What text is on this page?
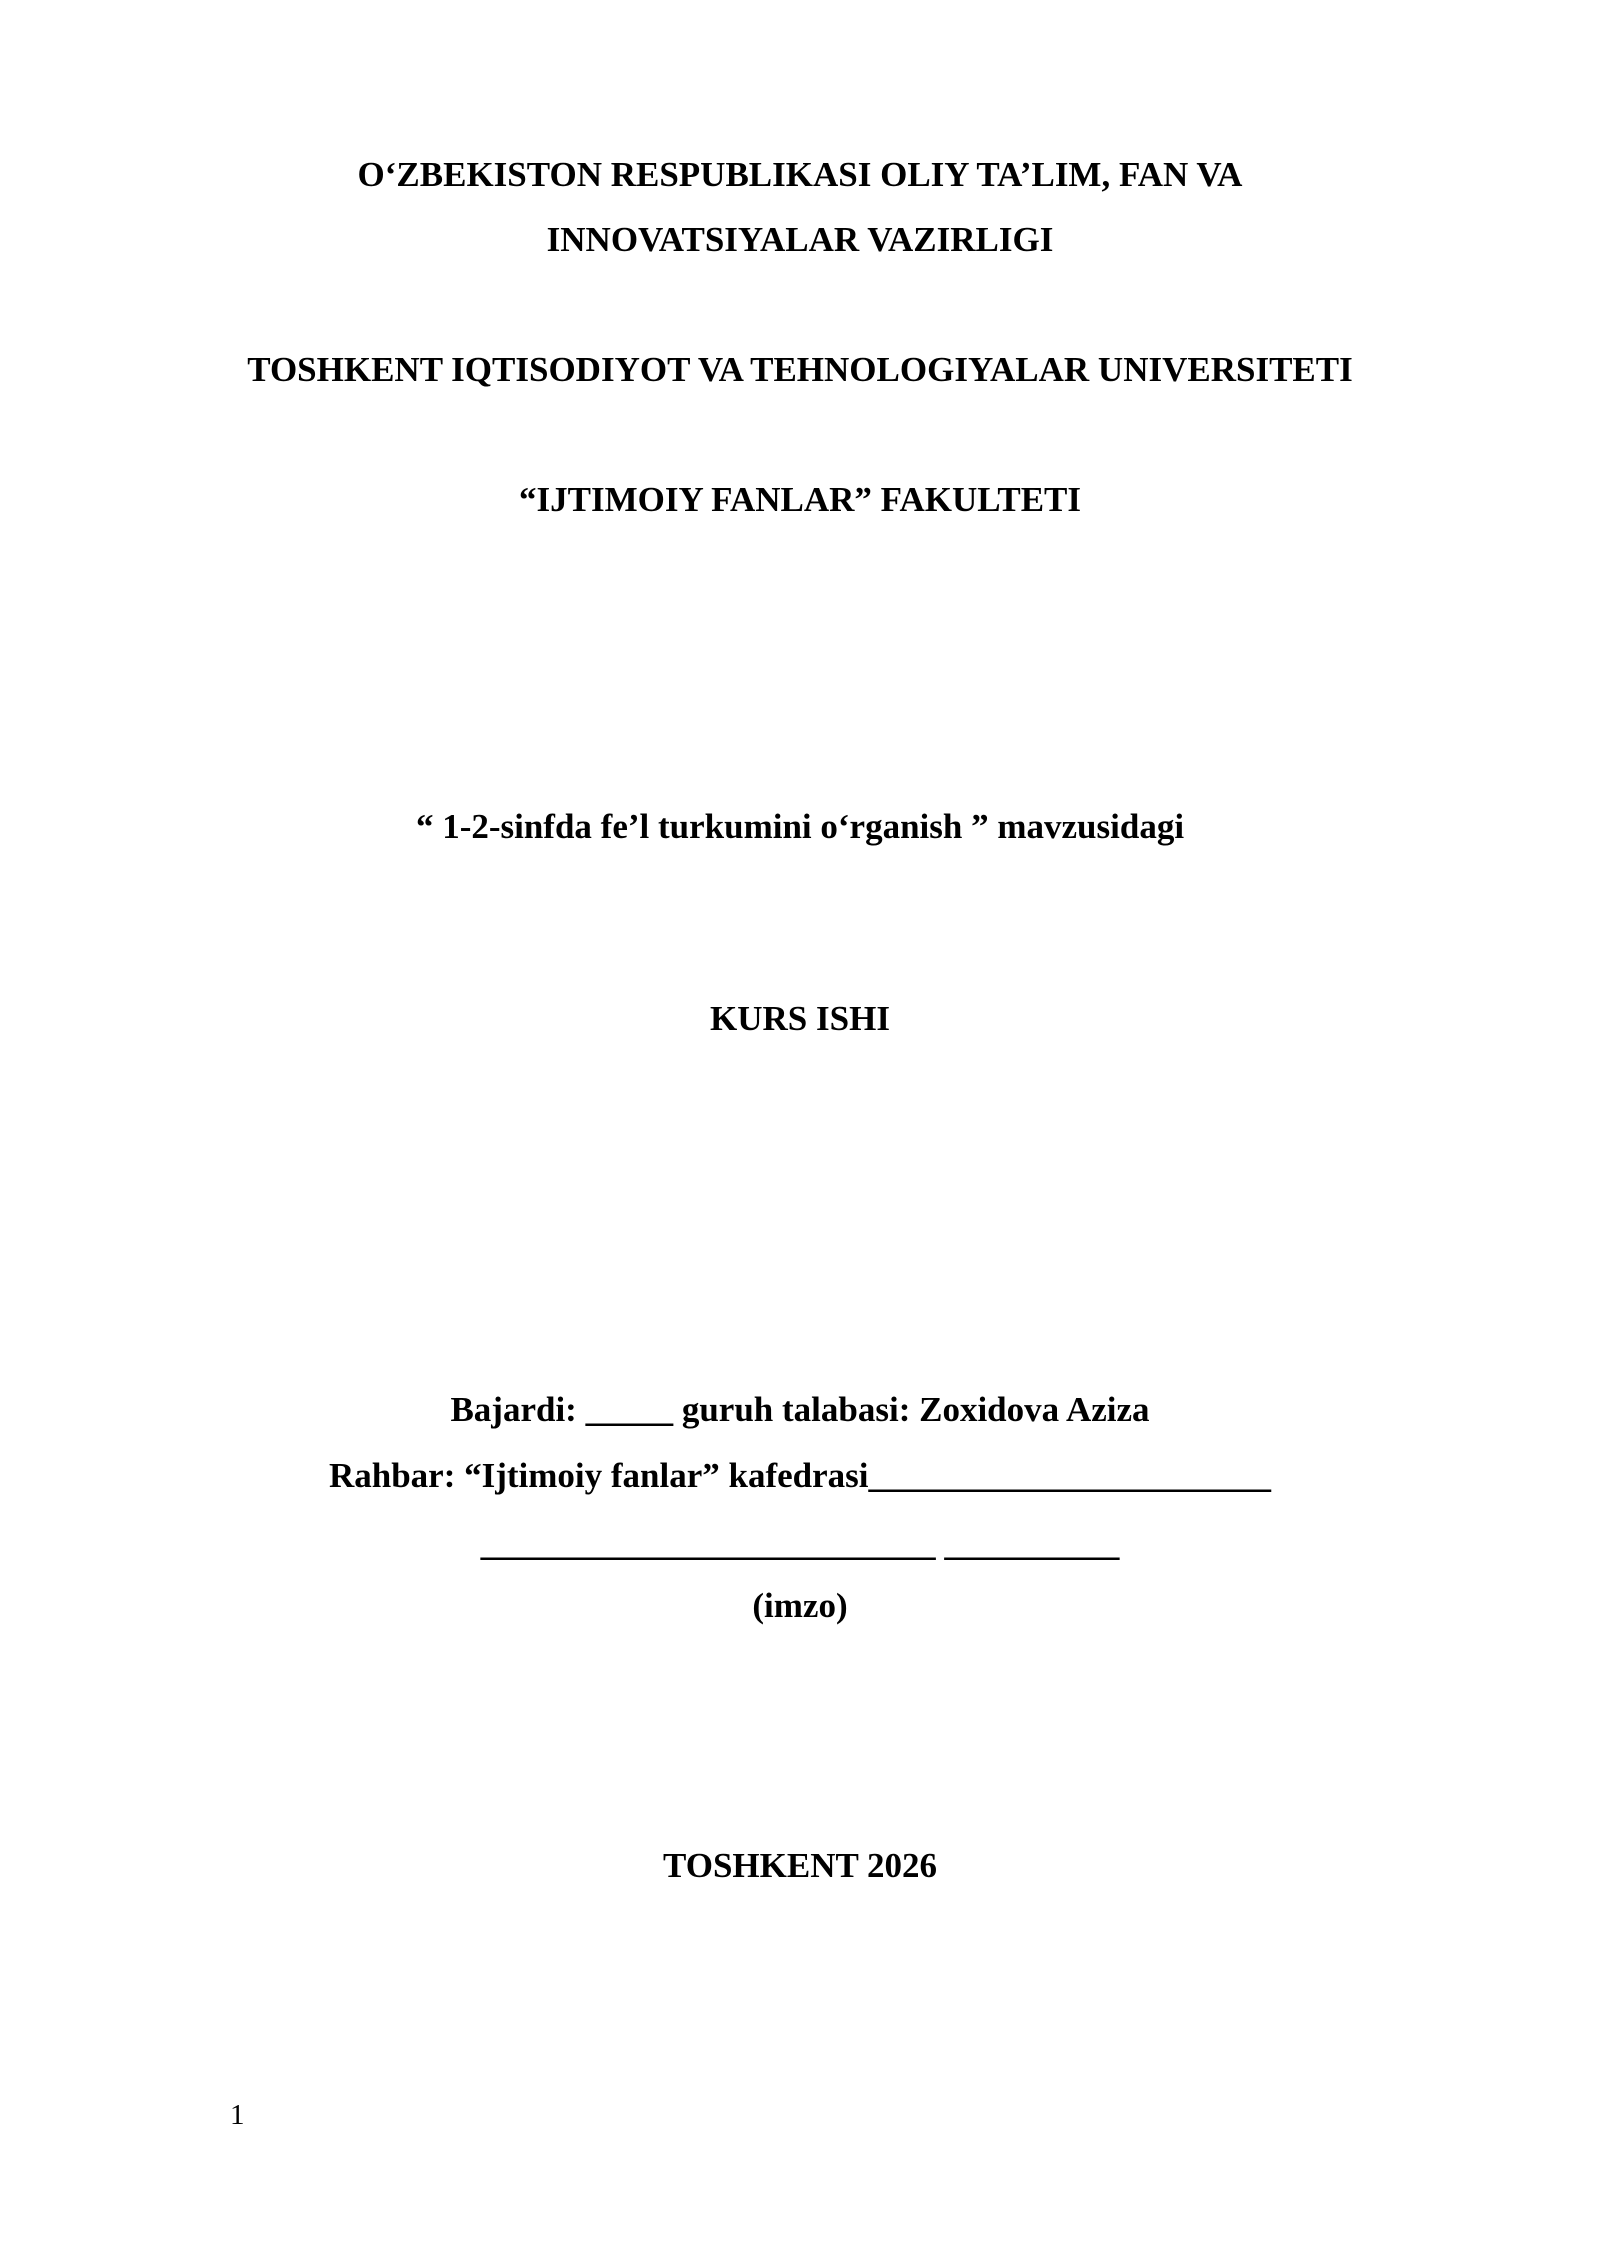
O‘ZBEKISTON RESPUBLIKASI OLIY TA’LIM, FAN VA
INNOVATSIYALAR VAZIRLIGI
TOSHKENT IQTISODIYOT VA TEHNOLOGIYALAR UNIVERSITETI
“IJTIMOIY FANLAR” FAKULTETI
“ 1-2-sinfda fe’l turkumini o‘rganish ” mavzusidagi
KURS ISHI
Bajardi: _____ guruh talabasi: Zoxidova Aziza
Rahbar: “Ijtimoiy fanlar” kafedrasi_______________________
__________________________ __________
(imzo)
TOSHKENT 2026
1
